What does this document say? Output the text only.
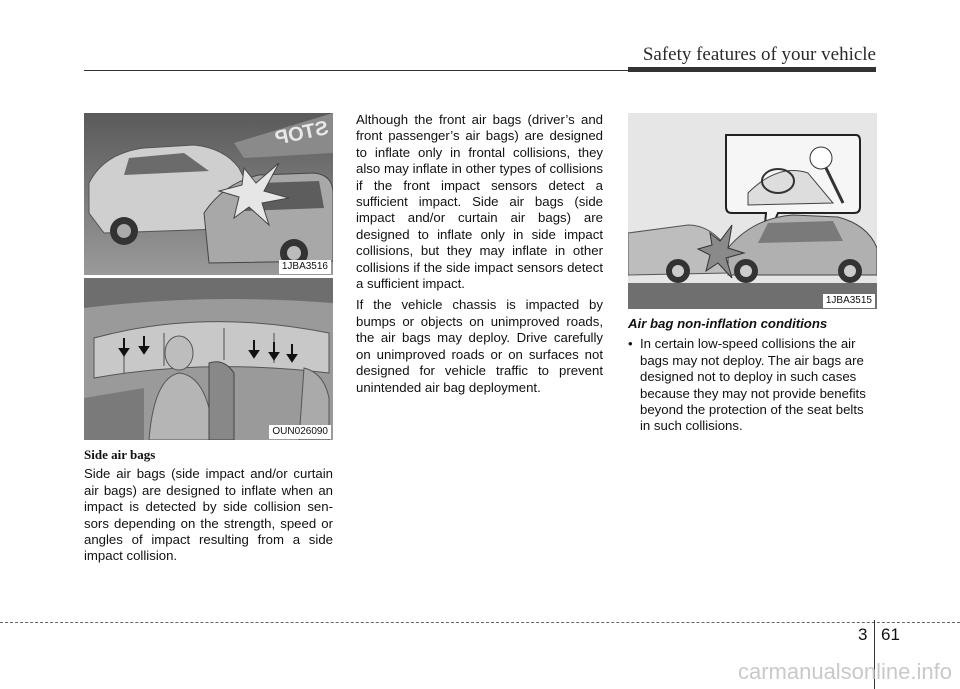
Safety features of your vehicle
STOP
1JBA3516
OUN026090
1JBA3515
Side air bags

Side air bags (side impact and/or curtain air bags) are designed to inflate when an impact is detected by side collision sensors depending on the strength, speed or angles of impact resulting from a side impact collision.

Although the front air bags (driver’s and front passenger’s air bags) are designed to inflate only in frontal collisions, they also may inflate in other types of collisions if the front impact sensors detect a sufficient impact. Side air bags (side impact and/or curtain air bags) are designed to inflate only in side impact collisions, but they may inflate in other collisions if the side impact sensors detect a sufficient impact.

If the vehicle chassis is impacted by bumps or objects on unimproved roads, the air bags may deploy. Drive carefully on unimproved roads or on surfaces not designed for vehicle traffic to prevent unintended air bag deployment.

Air bag non-inflation conditions
• In certain low-speed collisions the air bags may not deploy. The air bags are designed not to deploy in such cases because they may not provide benefits beyond the protection of the seat belts in such collisions.
3 61
carmanualsonline.info
